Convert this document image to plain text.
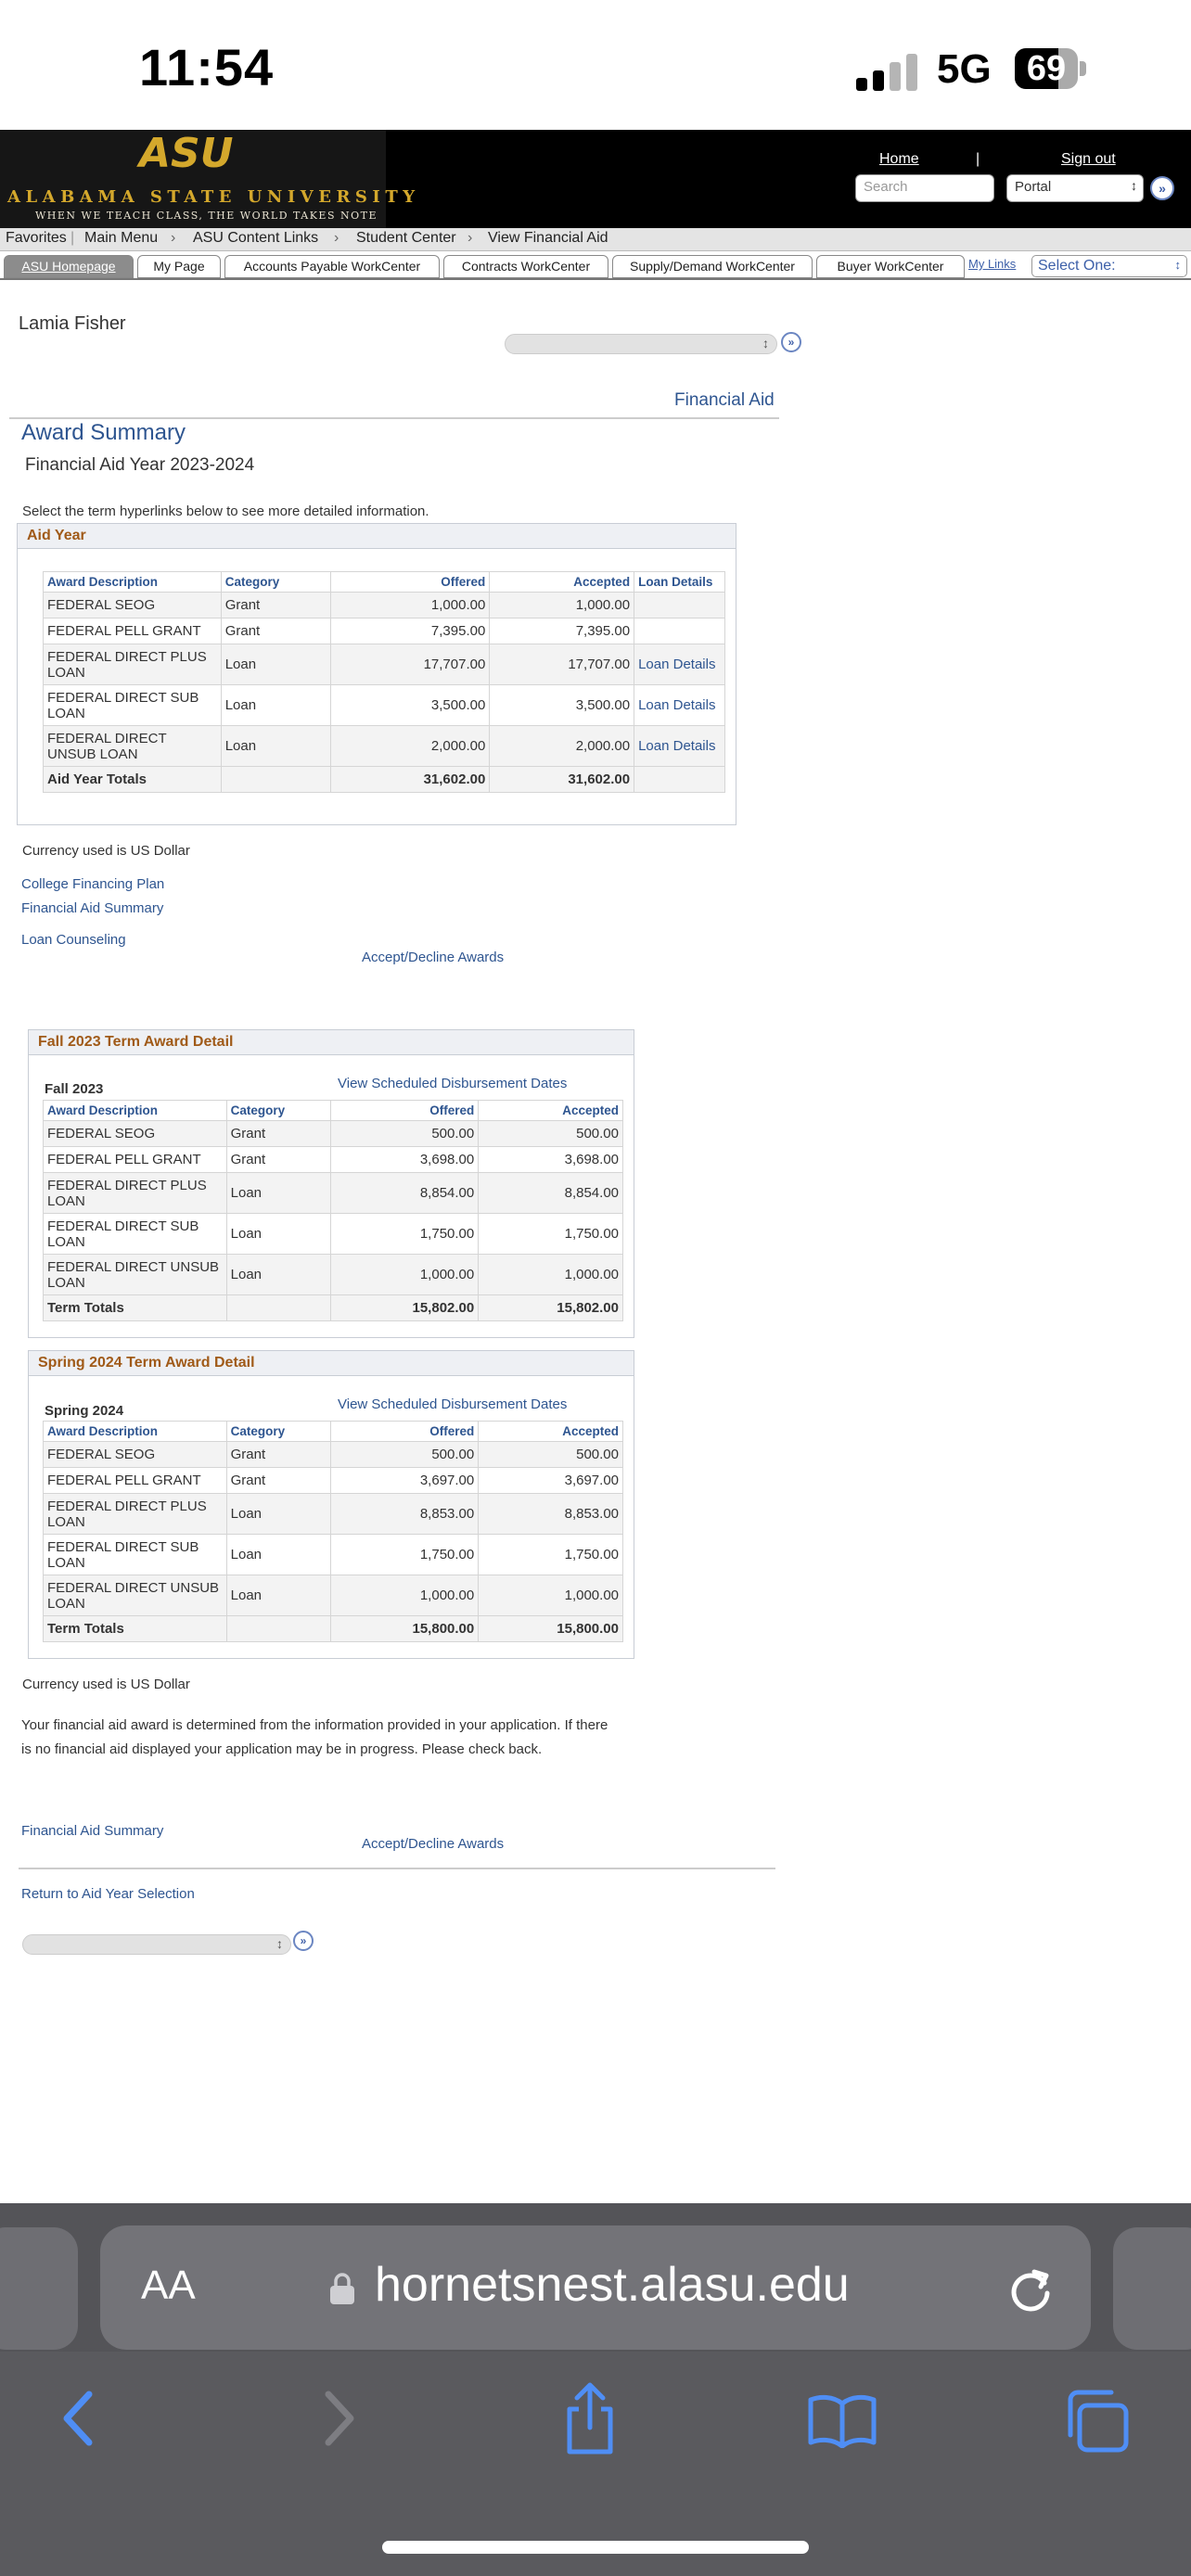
11:54	5G	69
ASU
ALABAMA STATE UNIVERSITY
WHEN WE TEACH CLASS, THE WORLD TAKES NOTE
Home	|	Sign out
Search	Portal	↕	»
Favorites | Main Menu › ASU Content Links › Student Center › View Financial Aid
ASU Homepage	My Page	Accounts Payable WorkCenter	Contracts WorkCenter	Supply/Demand WorkCenter	Buyer WorkCenter	My Links	Select One:	↕
Lamia Fisher
↕
»
Financial Aid
Award Summary
Financial Aid Year 2023-2024
Select the term hyperlinks below to see more detailed information.
Aid Year
Award Description	Category	Offered	Accepted	Loan Details
FEDERAL SEOG	Grant	1,000.00	1,000.00	
FEDERAL PELL GRANT	Grant	7,395.00	7,395.00	
FEDERAL DIRECT PLUS LOAN	Loan	17,707.00	17,707.00	Loan Details
FEDERAL DIRECT SUB LOAN	Loan	3,500.00	3,500.00	Loan Details
FEDERAL DIRECT UNSUB LOAN	Loan	2,000.00	2,000.00	Loan Details
Aid Year Totals		31,602.00	31,602.00	
Currency used is US Dollar
College Financing Plan
Financial Aid Summary
Loan Counseling
Accept/Decline Awards
Fall 2023 Term Award Detail
Fall 2023	View Scheduled Disbursement Dates
Award Description	Category	Offered	Accepted
FEDERAL SEOG	Grant	500.00	500.00
FEDERAL PELL GRANT	Grant	3,698.00	3,698.00
FEDERAL DIRECT PLUS LOAN	Loan	8,854.00	8,854.00
FEDERAL DIRECT SUB LOAN	Loan	1,750.00	1,750.00
FEDERAL DIRECT UNSUB LOAN	Loan	1,000.00	1,000.00
Term Totals		15,802.00	15,802.00
Spring 2024 Term Award Detail
Spring 2024	View Scheduled Disbursement Dates
Award Description	Category	Offered	Accepted
FEDERAL SEOG	Grant	500.00	500.00
FEDERAL PELL GRANT	Grant	3,697.00	3,697.00
FEDERAL DIRECT PLUS LOAN	Loan	8,853.00	8,853.00
FEDERAL DIRECT SUB LOAN	Loan	1,750.00	1,750.00
FEDERAL DIRECT UNSUB LOAN	Loan	1,000.00	1,000.00
Term Totals		15,800.00	15,800.00
Currency used is US Dollar
Your financial aid award is determined from the information provided in your application. If there is no financial aid displayed your application may be in progress. Please check back.
Financial Aid Summary
Accept/Decline Awards
Return to Aid Year Selection
↕
»
AA	hornetsnest.alasu.edu
